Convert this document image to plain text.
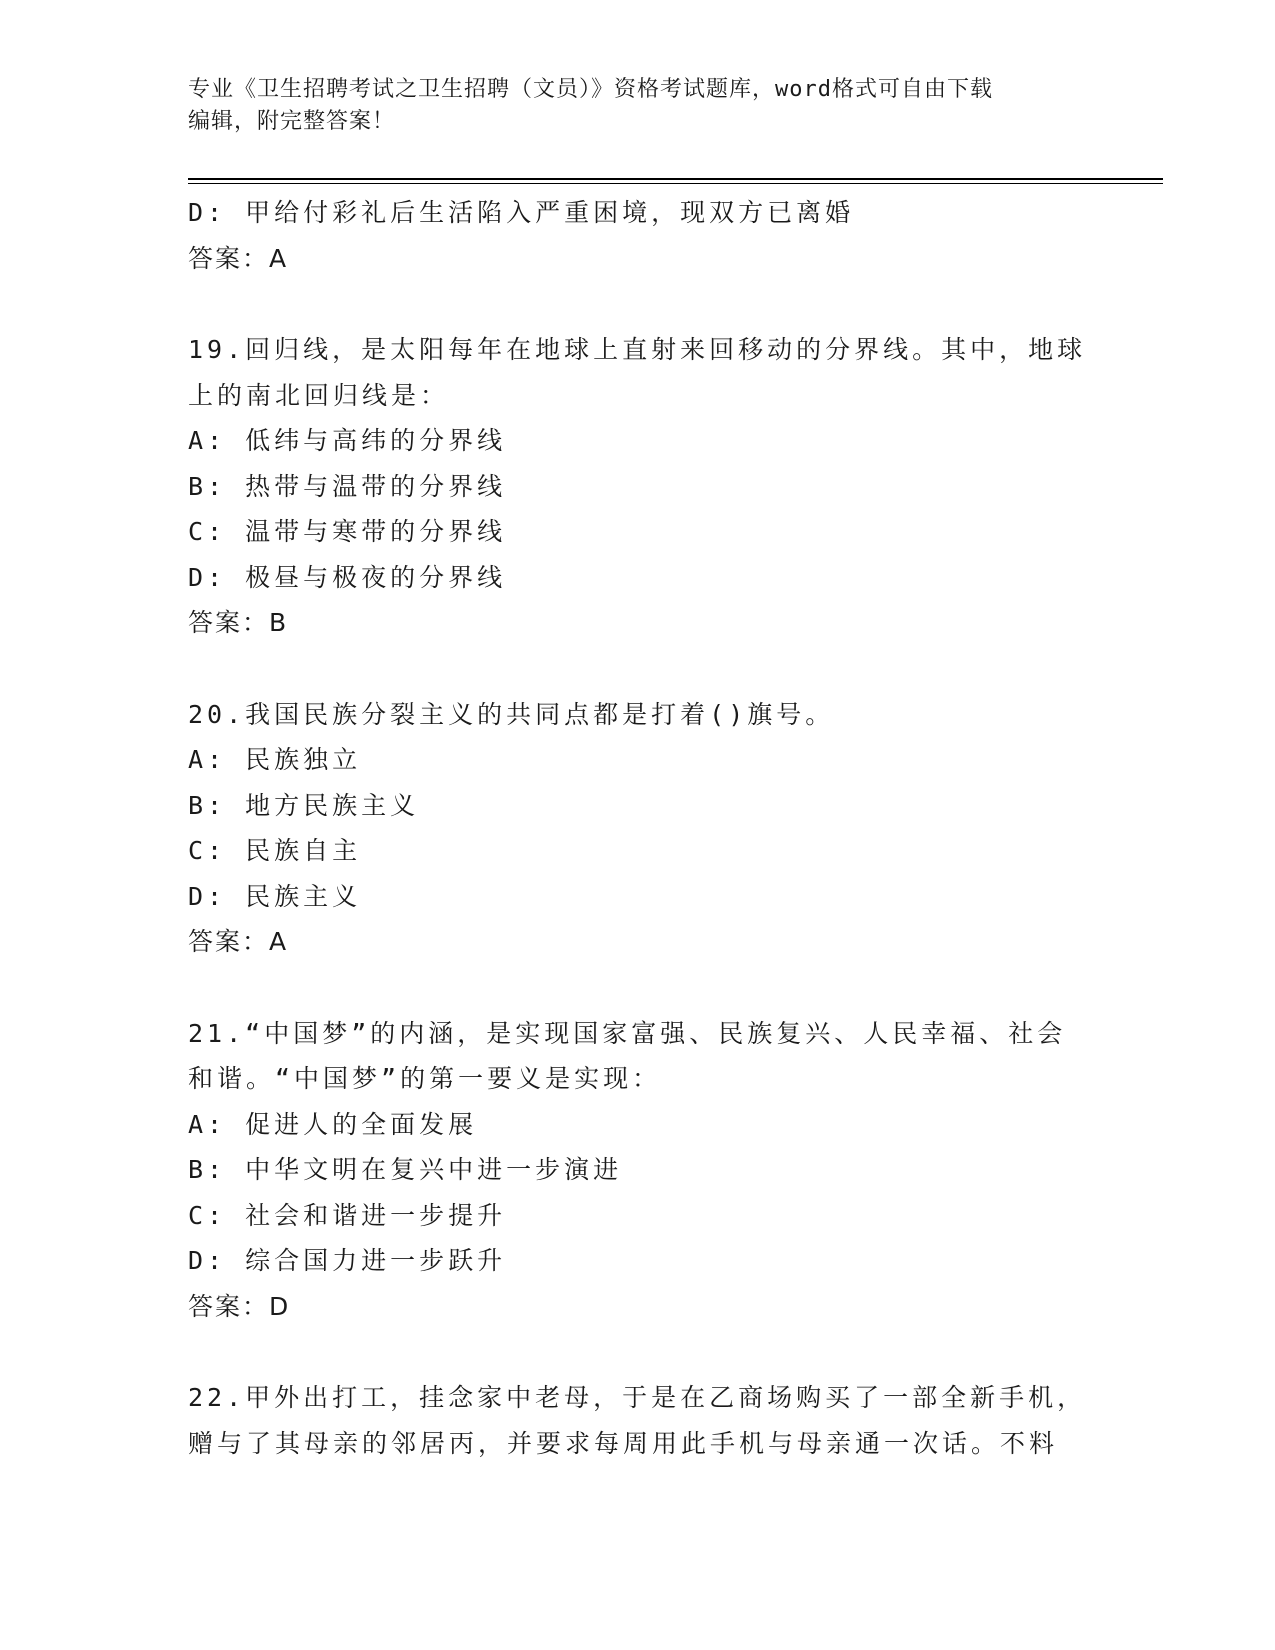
专业《卫生招聘考试之卫生招聘（文员）》资格考试题库，word格式可自由下载
编辑，附完整答案！
D: 甲给付彩礼后生活陷入严重困境，现双方已离婚
答案：A
19.回归线，是太阳每年在地球上直射来回移动的分界线。其中，地球
上的南北回归线是：
A: 低纬与高纬的分界线
B: 热带与温带的分界线
C: 温带与寒带的分界线
D: 极昼与极夜的分界线
答案：B
20.我国民族分裂主义的共同点都是打着()旗号。
A: 民族独立
B: 地方民族主义
C: 民族自主
D: 民族主义
答案：A
21.“中国梦”的内涵，是实现国家富强、民族复兴、人民幸福、社会
和谐。“中国梦”的第一要义是实现：
A: 促进人的全面发展
B: 中华文明在复兴中进一步演进
C: 社会和谐进一步提升
D: 综合国力进一步跃升
答案：D
22.甲外出打工，挂念家中老母，于是在乙商场购买了一部全新手机，
赠与了其母亲的邻居丙，并要求每周用此手机与母亲通一次话。不料
